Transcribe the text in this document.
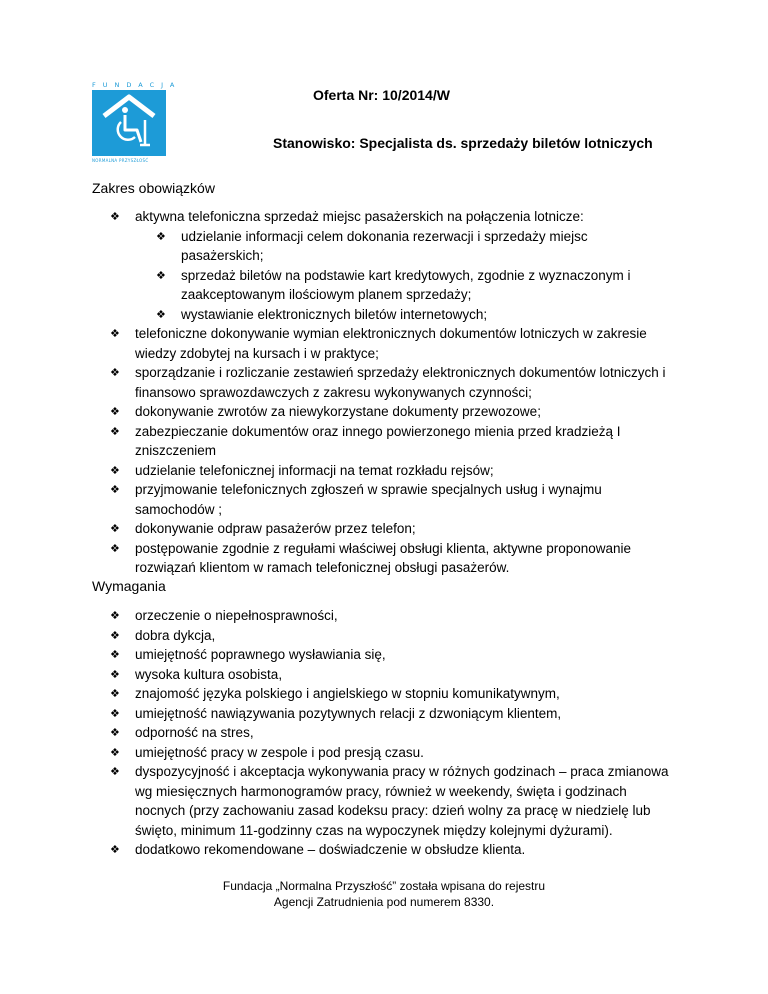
FUNDACJA
NORMALNA PRZYSZŁOŚĆ
Oferta Nr: 10/2014/W
Stanowisko: Specjalista ds. sprzedaży biletów lotniczych
Zakres obowiązków
❖ aktywna telefoniczna sprzedaż miejsc pasażerskich na połączenia lotnicze:
❖ udzielanie informacji celem dokonania rezerwacji i sprzedaży miejsc pasażerskich;
❖ sprzedaż biletów na podstawie kart kredytowych, zgodnie z wyznaczonym i zaakceptowanym ilościowym planem sprzedaży;
❖ wystawianie elektronicznych biletów internetowych;
❖ telefoniczne dokonywanie wymian elektronicznych dokumentów lotniczych w zakresie wiedzy zdobytej na kursach i w praktyce;
❖ sporządzanie i rozliczanie zestawień sprzedaży elektronicznych dokumentów lotniczych i finansowo sprawozdawczych z zakresu wykonywanych czynności;
❖ dokonywanie zwrotów za niewykorzystane dokumenty przewozowe;
❖ zabezpieczanie dokumentów oraz innego powierzonego mienia przed kradzieżą I zniszczeniem
❖ udzielanie telefonicznej informacji na temat rozkładu rejsów;
❖ przyjmowanie telefonicznych zgłoszeń w sprawie specjalnych usług i wynajmu samochodów ;
❖ dokonywanie odpraw pasażerów przez telefon;
❖ postępowanie zgodnie z regułami właściwej obsługi klienta, aktywne proponowanie rozwiązań klientom w ramach telefonicznej obsługi pasażerów.
Wymagania
❖ orzeczenie o niepełnosprawności,
❖ dobra dykcja,
❖ umiejętność poprawnego wysławiania się,
❖ wysoka kultura osobista,
❖ znajomość języka polskiego i angielskiego w stopniu komunikatywnym,
❖ umiejętność nawiązywania pozytywnych relacji z dzwoniącym klientem,
❖ odporność na stres,
❖ umiejętność pracy w zespole i pod presją czasu.
❖ dyspozycyjność i akceptacja wykonywania pracy w różnych godzinach – praca zmianowa wg miesięcznych harmonogramów pracy, również w weekendy, święta i godzinach nocnych (przy zachowaniu zasad kodeksu pracy: dzień wolny za pracę w niedzielę lub święto, minimum 11-godzinny czas na wypoczynek między kolejnymi dyżurami).
❖ dodatkowo rekomendowane – doświadczenie w obsłudze klienta.
Fundacja „Normalna Przyszłość” została wpisana do rejestru
Agencji Zatrudnienia pod numerem 8330.
